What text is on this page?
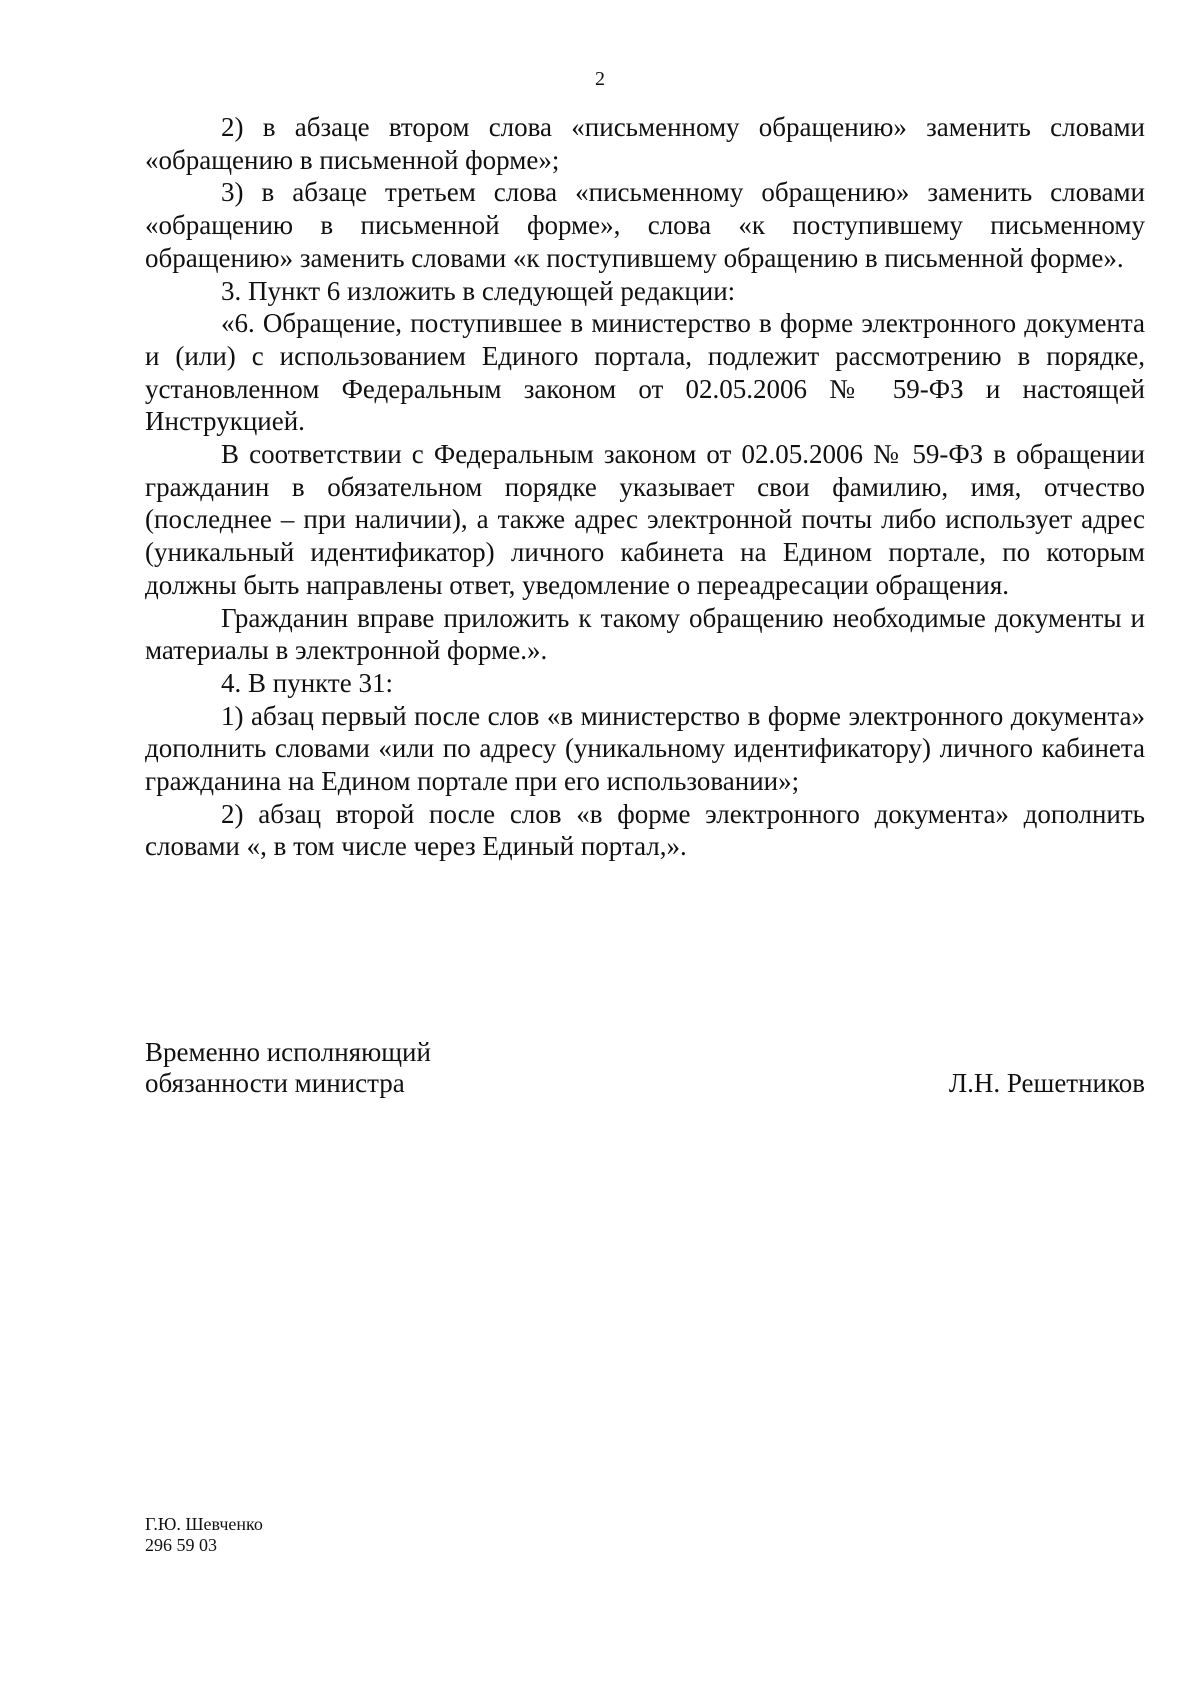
2

2) в абзаце втором слова «письменному обращению» заменить словами «обращению в письменной форме»;

3) в абзаце третьем слова «письменному обращению» заменить словами «обращению в письменной форме», слова «к поступившему письменному обращению» заменить словами «к поступившему обращению в письменной форме».

3. Пункт 6 изложить в следующей редакции:

«6. Обращение, поступившее в министерство в форме электронного документа и (или) с использованием Единого портала, подлежит рассмотрению в порядке, установленном Федеральным законом от 02.05.2006 № 59-ФЗ и настоящей Инструкцией.

В соответствии с Федеральным законом от 02.05.2006 № 59-ФЗ в обращении гражданин в обязательном порядке указывает свои фамилию, имя, отчество (последнее – при наличии), а также адрес электронной почты либо использует адрес (уникальный идентификатор) личного кабинета на Едином портале, по которым должны быть направлены ответ, уведомление о переадресации обращения.

Гражданин вправе приложить к такому обращению необходимые документы и материалы в электронной форме.».

4. В пункте 31:

1) абзац первый после слов «в министерство в форме электронного документа» дополнить словами «или по адресу (уникальному идентификатору) личного кабинета гражданина на Едином портале при его использовании»;

2) абзац второй после слов «в форме электронного документа» дополнить словами «, в том числе через Единый портал,».

Временно исполняющий
обязанности министра	Л.Н. Решетников
Г.Ю. Шевченко
296 59 03
